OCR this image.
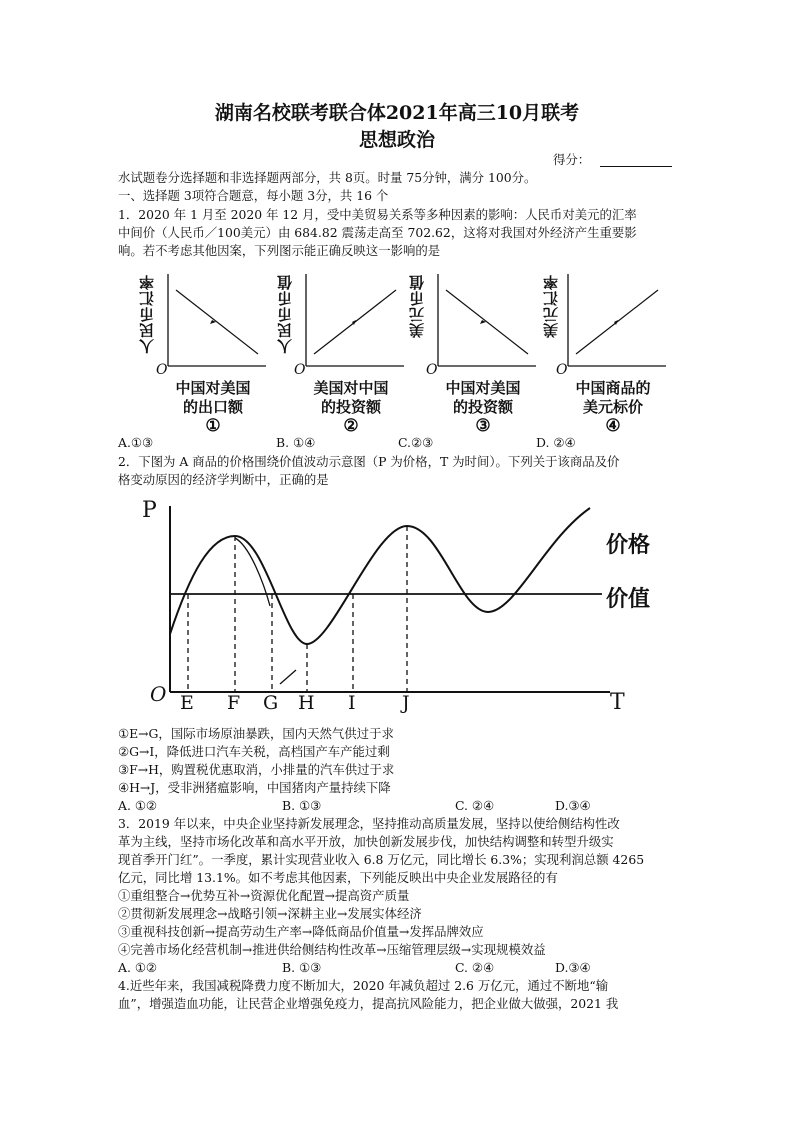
湖南名校联考联合体2021年高三10月联考
思想政治
得分：
水试题卷分选择题和非选择题两部分，共 8页。时量 75分钟，满分 100分。
一、选择题 3项符合题意，每小题 3分，共 16 个
1．2020 年 1 月至 2020 年 12 月，受中美贸易关系等多种因素的影响：人民币对美元的汇率
中间价（人民币／100美元）由 684.82 震荡走高至 702.62，这将对我国对外经济产生重要影
响。若不考虑其他因案，下列图示能正确反映这一影响的是
人民币汇率
O
中国对美国
的出口额
①
人民币币值
O
美国对中国
的投资额
②
美元币值
O
中国对美国
的投资额
③
美元汇率
O
中国商品的
美元标价
④
A.①③	B. ①④	C.②③	D. ②④
2．下图为 A 商品的价格围绕价值波动示意图（P 为价格，T 为时间）。下列关于该商品及价
格变动原因的经济学判断中，正确的是
P
T
O E F G H I J
价格
价值
①E→G，国际市场原油暴跌，国内天然气供过于求
②G→I，降低进口汽车关税，高档国产车产能过剩
③F→H，购置税优惠取消，小排量的汽车供过于求
④H→J，受非洲猪瘟影响，中国猪肉产量持续下降
A. ①②	B. ①③	C. ②④	D.③④
3．2019 年以来，中央企业坚持新发展理念，坚持推动高质量发展，坚持以使给侧结构性改
革为主线，坚持市场化改革和高水平开放，加快创新发展步伐，加快结构调整和转型升级实
现首季开门红”。一季度，累计实现营业收入 6.8 万亿元，同比增长 6.3%；实现利润总额 4265
亿元，同比增 13.1%。如不考虑其他因素，下列能反映出中央企业发展路径的有
①重组整合→优势互补→资源优化配置→提高资产质量
②贯彻新发展理念→战略引领→深耕主业→发展实体经济
③重视科技创新→提高劳动生产率→降低商品价值量→发挥品牌效应
④完善市场化经营机制→推进供给侧结构性改革→压缩管理层级→实现规模效益
A. ①②	B. ①③	C. ②④	D.③④
4.近些年来，我国减税降费力度不断加大，2020 年减负超过 2.6 万亿元，通过不断地“输
血”，增强造血功能，让民营企业增强免疫力，提高抗风险能力，把企业做大做强，2021 我
